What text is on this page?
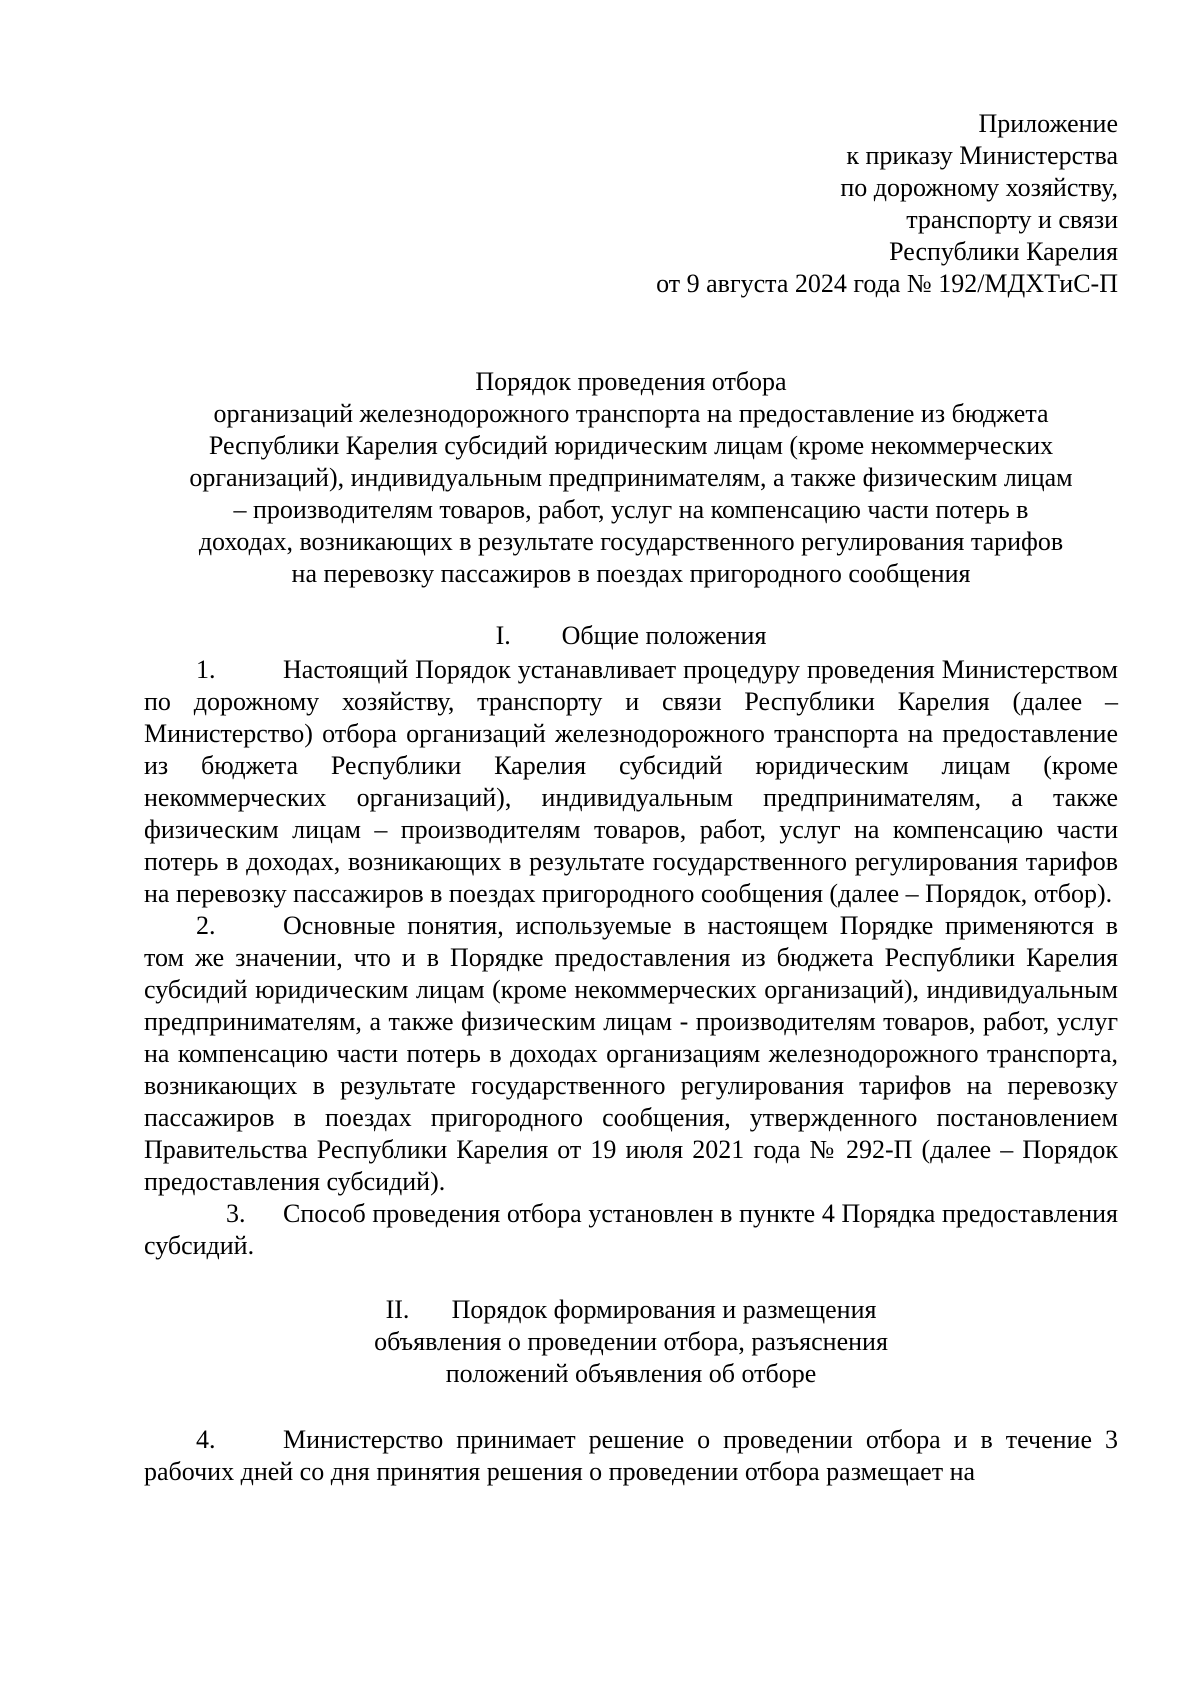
Приложение
к приказу Министерства
по дорожному хозяйству,
транспорту и связи
Республики Карелия
от 9 августа 2024 года № 192/МДХТиС-П
Порядок проведения отбора
организаций железнодорожного транспорта на предоставление из бюджета
Республики Карелия субсидий юридическим лицам (кроме некоммерческих
организаций), индивидуальным предпринимателям, а также физическим лицам
– производителям товаров, работ, услуг на компенсацию части потерь в
доходах, возникающих в результате государственного регулирования тарифов
на перевозку пассажиров в поездах пригородного сообщения
I. Общие положения

1.	Настоящий Порядок устанавливает процедуру проведения Министерством по дорожному хозяйству, транспорту и связи Республики Карелия (далее – Министерство) отбора организаций железнодорожного транспорта на предоставление из бюджета Республики Карелия субсидий юридическим лицам (кроме некоммерческих организаций), индивидуальным предпринимателям, а также физическим лицам – производителям товаров, работ, услуг на компенсацию части потерь в доходах, возникающих в результате государственного регулирования тарифов на перевозку пассажиров в поездах пригородного сообщения (далее – Порядок, отбор).

2.	Основные понятия, используемые в настоящем Порядке применяются в том же значении, что и в Порядке предоставления из бюджета Республики Карелия субсидий юридическим лицам (кроме некоммерческих организаций), индивидуальным предпринимателям, а также физическим лицам - производителям товаров, работ, услуг на компенсацию части потерь в доходах организациям железнодорожного транспорта, возникающих в результате государственного регулирования тарифов на перевозку пассажиров в поездах пригородного сообщения, утвержденного постановлением Правительства Республики Карелия от 19 июля 2021 года № 292-П (далее – Порядок предоставления субсидий).

3. Способ проведения отбора установлен в пункте 4 Порядка предоставления субсидий.

II. Порядок формирования и размещения
объявления о проведении отбора, разъяснения
положений объявления об отборе

4.	Министерство принимает решение о проведении отбора и в течение 3 рабочих дней со дня принятия решения о проведении отбора размещает на
